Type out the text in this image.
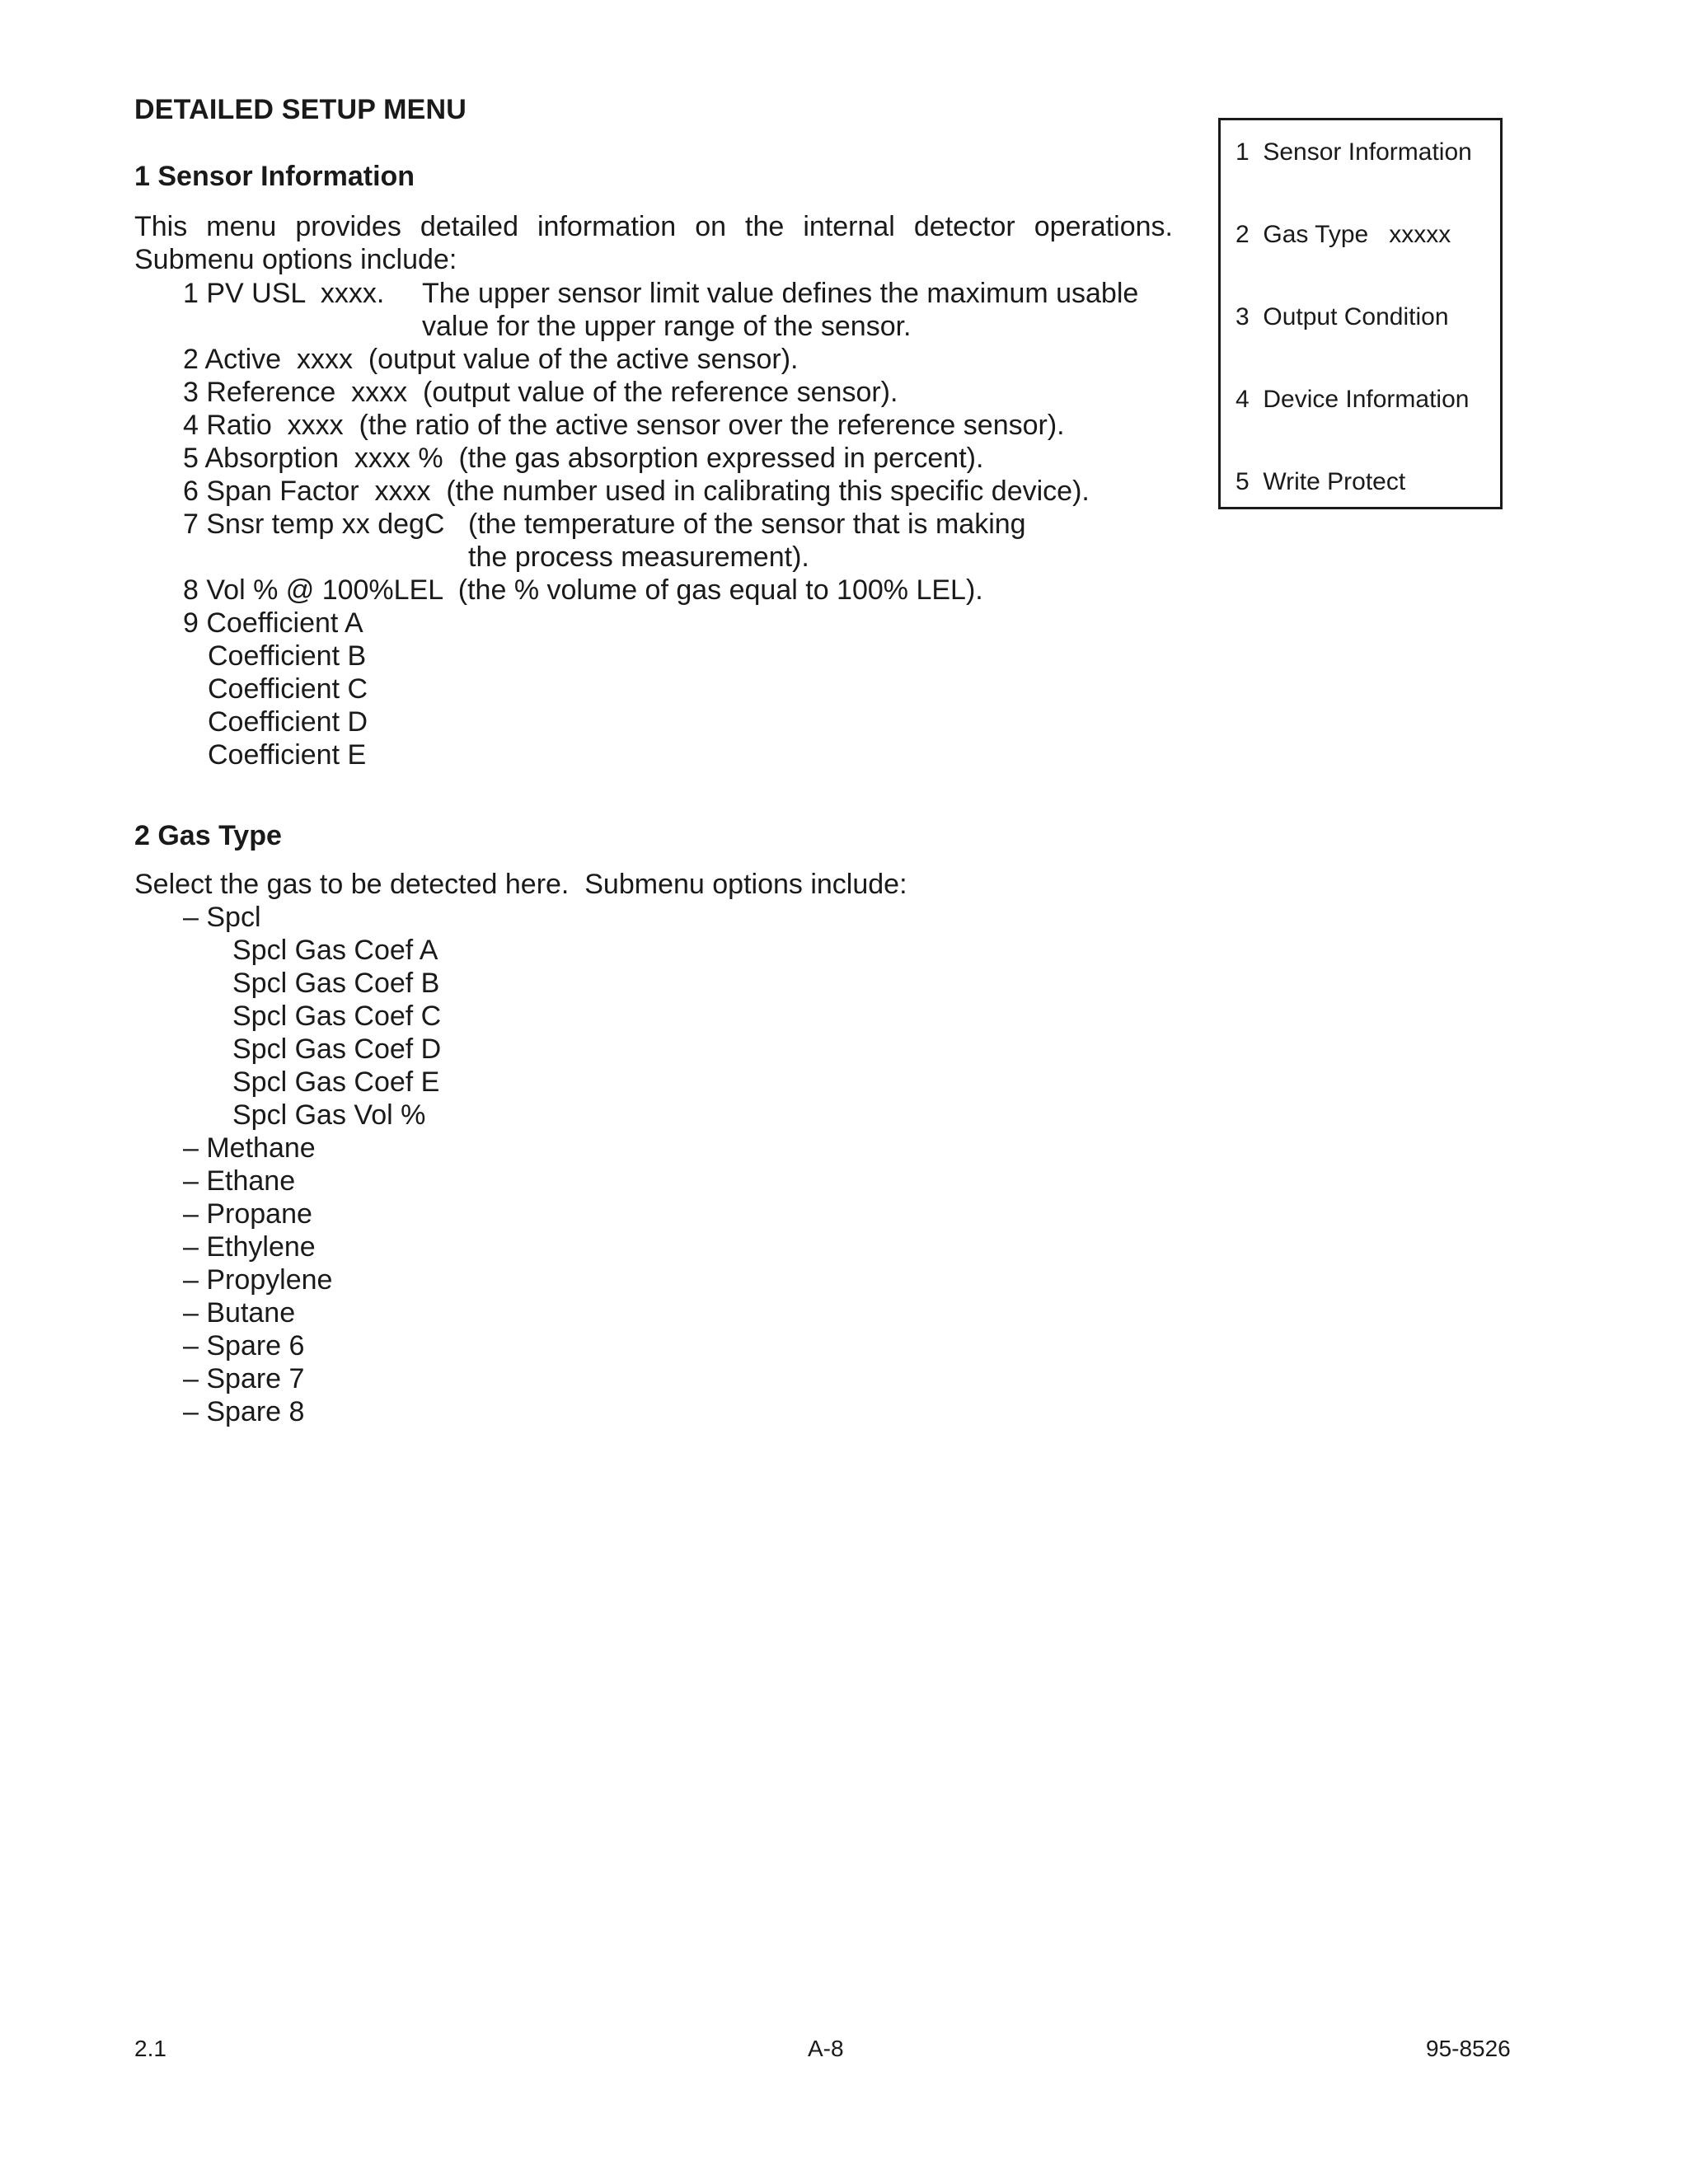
DETAILED SETUP MENU
1 Sensor Information
This menu provides detailed information on the internal detector operations. Submenu options include:
1 PV USL  xxxx. The upper sensor limit value defines the maximum usable
value for the upper range of the sensor.
2 Active  xxxx  (output value of the active sensor).
3 Reference  xxxx  (output value of the reference sensor).
4 Ratio  xxxx  (the ratio of the active sensor over the reference sensor).
5 Absorption  xxxx %  (the gas absorption expressed in percent).
6 Span Factor  xxxx  (the number used in calibrating this specific device).
7 Snsr temp xx degC (the temperature of the sensor that is making
the process measurement).
8 Vol % @ 100%LEL  (the % volume of gas equal to 100% LEL).
9 Coefficient A
Coefficient B
Coefficient C
Coefficient D
Coefficient E
2 Gas Type
Select the gas to be detected here.  Submenu options include:
– Spcl
Spcl Gas Coef A
Spcl Gas Coef B
Spcl Gas Coef C
Spcl Gas Coef D
Spcl Gas Coef E
Spcl Gas Vol %
– Methane
– Ethane
– Propane
– Ethylene
– Propylene
– Butane
– Spare 6
– Spare 7
– Spare 8
1  Sensor Information
2  Gas Type   xxxxx
3  Output Condition
4  Device Information
5  Write Protect
2.1	A-8	95-8526
